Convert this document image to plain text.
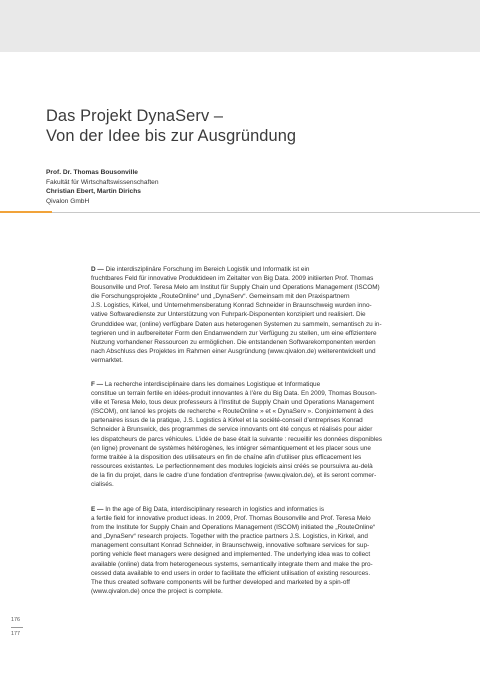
Das Projekt DynaServ –
Von der Idee bis zur Ausgründung
Prof. Dr. Thomas Bousonville
Fakultät für Wirtschaftswissenschaften
Christian Ebert, Martin Dirichs
Qivalon GmbH
D — Die interdisziplinäre Forschung im Bereich Logistik und Informatik ist ein
fruchtbares Feld für innovative Produktideen im Zeitalter von Big Data. 2009 initiierten Prof. Thomas
Bousonville und Prof. Teresa Melo am Institut für Supply Chain und Operations Management (ISCOM)
die Forschungsprojekte „RouteOnline“ und „DynaServ“. Gemeinsam mit den Praxispartnern
J.S. Logistics, Kirkel, und Unternehmensberatung Konrad Schneider in Braunschweig wurden inno-
vative Softwaredienste zur Unterstützung von Fuhrpark-Disponenten konzipiert und realisiert. Die
Grunddidee war, (online) verfügbare Daten aus heterogenen Systemen zu sammeln, semantisch zu in-
tegrieren und in aufbereiteter Form den Endanwendern zur Verfügung zu stellen, um eine effizientere
Nutzung vorhandener Ressourcen zu ermöglichen. Die entstandenen Softwarekomponenten werden
nach Abschluss des Projektes im Rahmen einer Ausgründung (www.qivalon.de) weiterentwickelt und
vermarktet.
F — La recherche interdisciplinaire dans les domaines Logistique et Informatique
constitue un terrain fertile en idées-produit innovantes à l’ère du Big Data. En 2009, Thomas Bouson-
ville et Teresa Melo, tous deux professeurs à l’Institut de Supply Chain und Operations Management
(ISCOM), ont lancé les projets de recherche « RouteOnline » et « DynaServ ». Conjointement à des
partenaires issus de la pratique, J.S. Logistics à Kirkel et la société-conseil d’entreprises Konrad
Schneider à Brunswick, des programmes de service innovants ont été conçus et réalisés pour aider
les dispatcheurs de parcs véhicules. L’idée de base était la suivante : recueillir les données disponibles
(en ligne) provenant de systèmes hétérogènes, les intégrer sémantiquement et les placer sous une
forme traitée à la disposition des utilisateurs en fin de chaîne afin d’utiliser plus efficacement les
ressources existantes. Le perfectionnement des modules logiciels ainsi créés se poursuivra au-delà
de la fin du projet, dans le cadre d’une fondation d’entreprise (www.qivalon.de), et ils seront commer-
cialisés.
E — In the age of Big Data, interdisciplinary research in logistics and informatics is
a fertile field for innovative product ideas. In 2009, Prof. Thomas Bousonville and Prof. Teresa Melo
from the Institute for Supply Chain and Operations Management (ISCOM) initiated the „RouteOnline“
and „DynaServ“ research projects. Together with the practice partners J.S. Logistics, in Kirkel, and
management consultant Konrad Schneider, in Braunschweig, innovative software services for sup-
porting vehicle fleet managers were designed and implemented. The underlying idea was to collect
available (online) data from heterogeneous systems, semantically integrate them and make the pro-
cessed data available to end users in order to facilitate the efficient utilisation of existing resources.
The thus created software components will be further developed and marketed by a spin-off
(www.qivalon.de) once the project is complete.
176
177
